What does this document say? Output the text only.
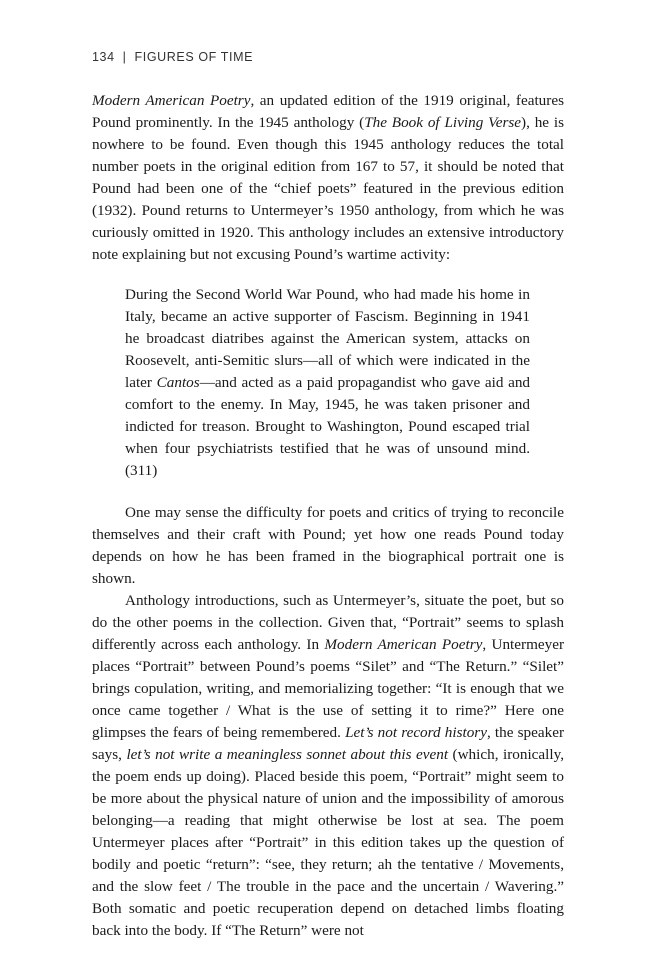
134 | FIGURES OF TIME

Modern American Poetry, an updated edition of the 1919 original, features Pound prominently. In the 1945 anthology (The Book of Living Verse), he is nowhere to be found. Even though this 1945 anthology reduces the total number poets in the original edition from 167 to 57, it should be noted that Pound had been one of the “chief poets” featured in the previous edition (1932). Pound returns to Untermeyer’s 1950 anthology, from which he was curiously omitted in 1920. This anthology includes an extensive introductory note explaining but not excusing Pound’s wartime activity:

During the Second World War Pound, who had made his home in Italy, became an active supporter of Fascism. Beginning in 1941 he broadcast diatribes against the American system, attacks on Roosevelt, anti-Semitic slurs—all of which were indicated in the later Cantos—and acted as a paid propagandist who gave aid and comfort to the enemy. In May, 1945, he was taken prisoner and indicted for treason. Brought to Washington, Pound escaped trial when four psychiatrists testified that he was of unsound mind. (311)

One may sense the difficulty for poets and critics of trying to reconcile themselves and their craft with Pound; yet how one reads Pound today depends on how he has been framed in the biographical portrait one is shown.

Anthology introductions, such as Untermeyer’s, situate the poet, but so do the other poems in the collection. Given that, “Portrait” seems to splash differently across each anthology. In Modern American Poetry, Untermeyer places “Portrait” between Pound’s poems “Silet” and “The Return.” “Silet” brings copulation, writing, and memorializing together: “It is enough that we once came together / What is the use of setting it to rime?” Here one glimpses the fears of being remembered. Let’s not record history, the speaker says, let’s not write a meaningless sonnet about this event (which, ironically, the poem ends up doing). Placed beside this poem, “Portrait” might seem to be more about the physical nature of union and the impossibility of amorous belonging—a reading that might otherwise be lost at sea. The poem Untermeyer places after “Portrait” in this edition takes up the question of bodily and poetic “return”: “see, they return; ah the tentative / Movements, and the slow feet / The trouble in the pace and the uncertain / Wavering.” Both somatic and poetic recuperation depend on detached limbs floating back into the body. If “The Return” were not
